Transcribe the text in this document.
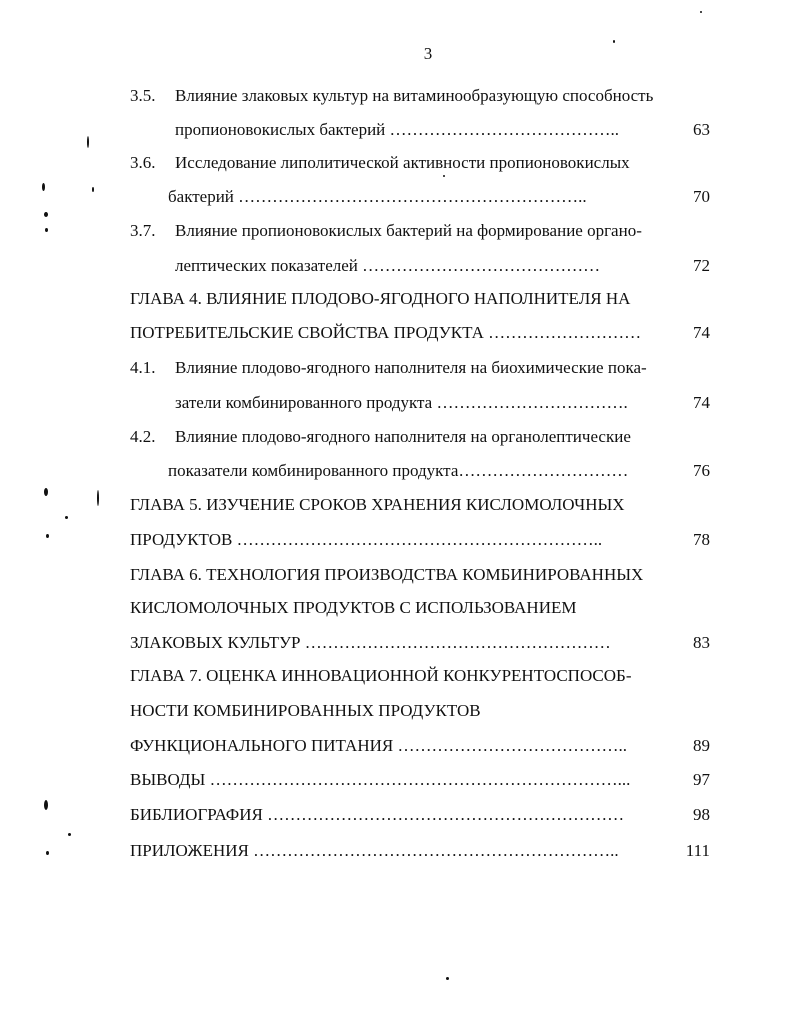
3
3.5. Влияние злаковых культур на витаминообразующую способность
пропионовокислых бактерий …………………………………..	63
3.6. Исследование липолитической активности пропионовокислых
бактерий ……………………………………………………..	70
3.7. Влияние пропионовокислых бактерий на формирование органо-
лептических показателей ……………………………………	72
ГЛАВА 4. ВЛИЯНИЕ ПЛОДОВО-ЯГОДНОГО НАПОЛНИТЕЛЯ НА
ПОТРЕБИТЕЛЬСКИЕ СВОЙСТВА ПРОДУКТА ………………………	74
4.1. Влияние плодово-ягодного наполнителя на биохимические пока-
затели комбинированного продукта …………………………….	74
4.2. Влияние плодово-ягодного наполнителя на органолептические
показатели комбинированного продукта…………………………	76
ГЛАВА 5. ИЗУЧЕНИЕ СРОКОВ ХРАНЕНИЯ КИСЛОМОЛОЧНЫХ
ПРОДУКТОВ ………………………………………………………..	78
ГЛАВА 6. ТЕХНОЛОГИЯ ПРОИЗВОДСТВА КОМБИНИРОВАННЫХ
КИСЛОМОЛОЧНЫХ ПРОДУКТОВ С ИСПОЛЬЗОВАНИЕМ
ЗЛАКОВЫХ КУЛЬТУР ………………………………………………	83
ГЛАВА 7. ОЦЕНКА ИННОВАЦИОННОЙ КОНКУРЕНТОСПОСОБ-
НОСТИ КОМБИНИРОВАННЫХ ПРОДУКТОВ
ФУНКЦИОНАЛЬНОГО ПИТАНИЯ …………………………………..	89
ВЫВОДЫ ………………………………………………………………...	97
БИБЛИОГРАФИЯ ………………………………………………………	98
ПРИЛОЖЕНИЯ ………………………………………………………..	111
